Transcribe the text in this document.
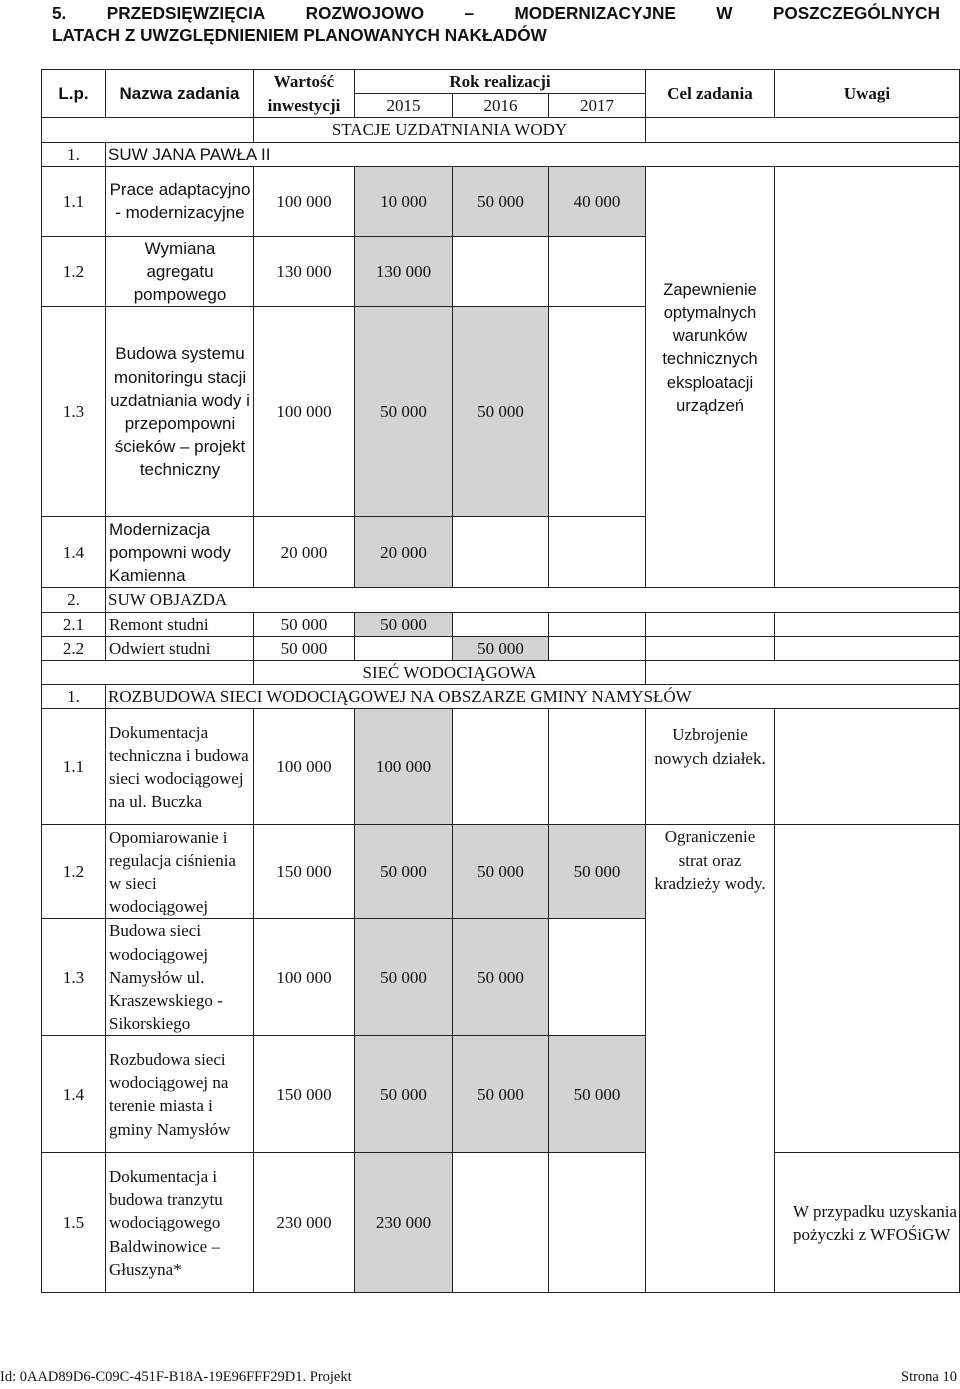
5. PRZEDSIĘWZIĘCIA ROZWOJOWO – MODERNIZACYJNE W POSZCZEGÓLNYCH
LATACH Z UWZGLĘDNIENIEM PLANOWANYCH NAKŁADÓW
L.p.	Nazwa zadania	Wartość	Rok realizacji			Cel zadania	Uwagi
		inwestycji	2015	2016	2017		
		STACJE UZDATNIANIA WODY					
1.	SUW JANA PAWŁA II						
1.1	Prace adaptacyjno - modernizacyjne	100 000	10 000	50 000	40 000	Zapewnienie optymalnych warunków technicznych eksploatacji urządzeń	
1.2	Wymiana agregatu pompowego	130 000	130 000				
1.3	Budowa systemu monitoringu stacji uzdatniania wody i przepompowni ścieków – projekt techniczny	100 000	50 000	50 000			
1.4	Modernizacja pompowni wody Kamienna	20 000	20 000				
2.	SUW OBJAZDA						
2.1	Remont studni	50 000	50 000				
2.2	Odwiert studni	50 000		50 000			
		SIEĆ WODOCIĄGOWA					
1.	ROZBUDOWA SIECI WODOCIĄGOWEJ NA OBSZARZE GMINY NAMYSŁÓW						
1.1	Dokumentacja techniczna i budowa sieci wodociągowej na ul. Buczka	100 000	100 000			Uzbrojenie nowych działek.	
1.2	Opomiarowanie i regulacja ciśnienia w sieci wodociągowej	150 000	50 000	50 000	50 000	Ograniczenie strat oraz kradzieży wody.	
1.3	Budowa sieci wodociągowej Namysłów ul. Kraszewskiego - Sikorskiego	100 000	50 000	50 000			
1.4	Rozbudowa sieci wodociągowej na terenie miasta i gminy Namysłów	150 000	50 000	50 000	50 000		
1.5	Dokumentacja i budowa tranzytu wodociągowego Baldwinowice – Głuszyna*	230 000	230 000				W przypadku uzyskania pożyczki z WFOŚiGW
Id: 0AAD89D6-C09C-451F-B18A-19E96FFF29D1. Projekt	Strona 10
